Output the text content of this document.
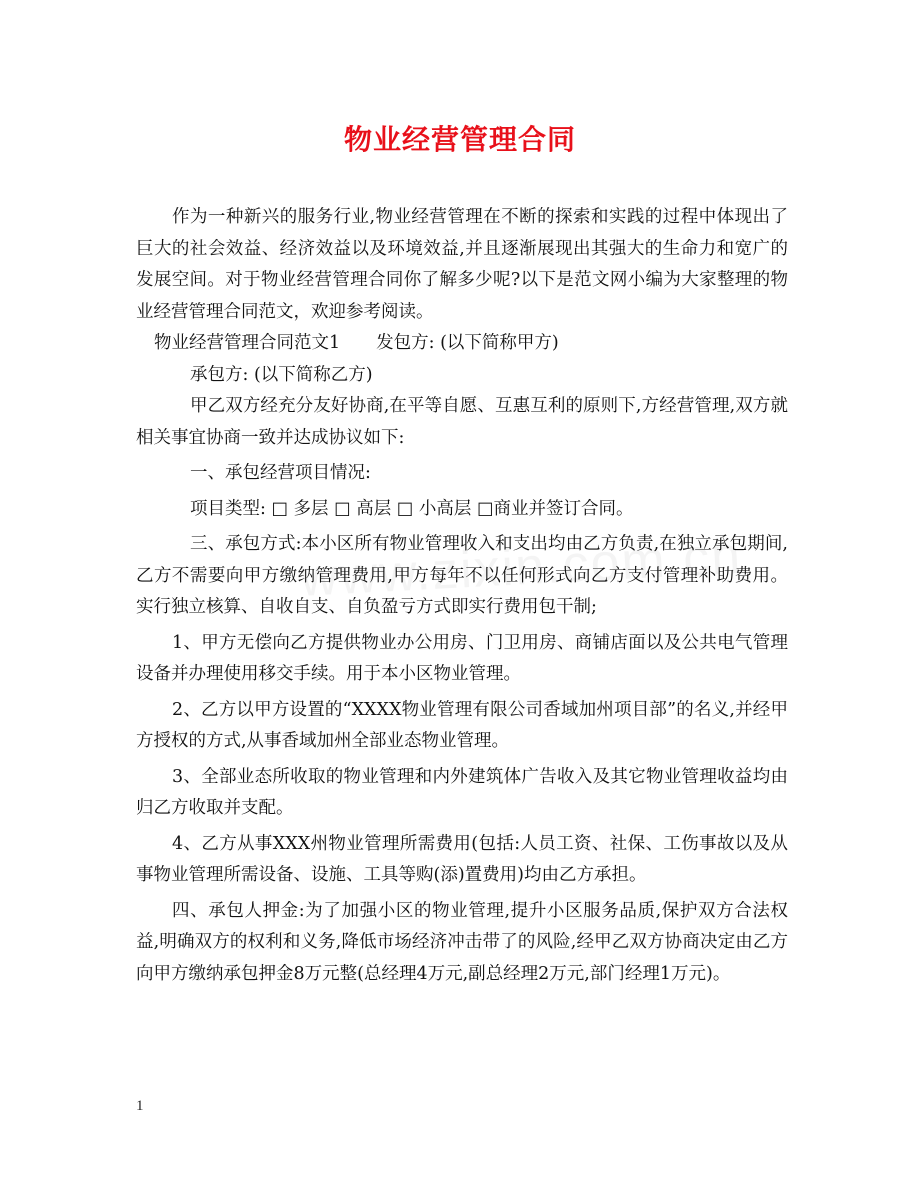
物业经营管理合同

作为一种新兴的服务行业,物业经营管理在不断的探索和实践的过程中体现出了巨大的社会效益、经济效益以及环境效益,并且逐渐展现出其强大的生命力和宽广的发展空间。对于物业经营管理合同你了解多少呢?以下是范文网小编为大家整理的物业经营管理合同范文，欢迎参考阅读。

物业经营管理合同范文1 发包方: (以下简称甲方)

承包方: (以下简称乙方)

甲乙双方经充分友好协商,在平等自愿、互惠互利的原则下,方经营管理,双方就相关事宜协商一致并达成协议如下:

一、承包经营项目情况:

项目类型: □ 多层 □ 高层 □ 小高层 □商业并签订合同。

三、承包方式:本小区所有物业管理收入和支出均由乙方负责,在独立承包期间,乙方不需要向甲方缴纳管理费用,甲方每年不以任何形式向乙方支付管理补助费用。实行独立核算、自收自支、自负盈亏方式即实行费用包干制;

1、甲方无偿向乙方提供物业办公用房、门卫用房、商铺店面以及公共电气管理设备并办理使用移交手续。用于本小区物业管理。

2、乙方以甲方设置的“XXXX物业管理有限公司香域加州项目部”的名义,并经甲方授权的方式,从事香域加州全部业态物业管理。

3、全部业态所收取的物业管理和内外建筑体广告收入及其它物业管理收益均由归乙方收取并支配。

4、乙方从事XXX州物业管理所需费用(包括:人员工资、社保、工伤事故以及从事物业管理所需设备、设施、工具等购(添)置费用)均由乙方承担。

四、承包人押金:为了加强小区的物业管理,提升小区服务品质,保护双方合法权益,明确双方的权利和义务,降低市场经济冲击带了的风险,经甲乙双方协商决定由乙方向甲方缴纳承包押金8万元整(总经理4万元,副总经理2万元,部门经理1万元)。

1
